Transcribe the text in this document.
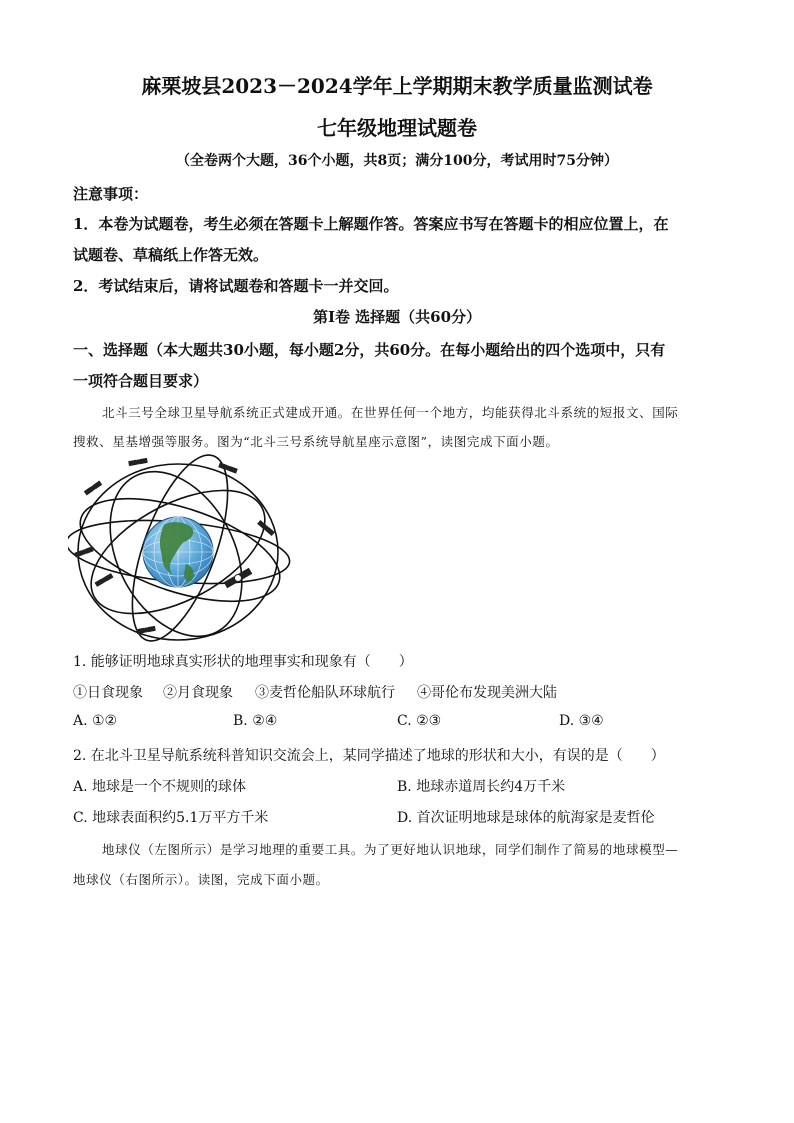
麻栗坡县2023－2024学年上学期期末教学质量监测试卷
七年级地理试题卷
（全卷两个大题，36个小题，共8页；满分100分，考试用时75分钟）
注意事项：
1．本卷为试题卷，考生必须在答题卡上解题作答。答案应书写在答题卡的相应位置上，在
试题卷、草稿纸上作答无效。
2．考试结束后，请将试题卷和答题卡一并交回。
第Ⅰ卷 选择题（共60分）
一、选择题（本大题共30小题，每小题2分，共60分。在每小题给出的四个选项中，只有
一项符合题目要求）
北斗三号全球卫星导航系统正式建成开通。在世界任何一个地方，均能获得北斗系统的短报文、国际
搜救、星基增强等服务。图为“北斗三号系统导航星座示意图”，读图完成下面小题。
1. 能够证明地球真实形状的地理事实和现象有（　　）
①日食现象 ②月食现象 ③麦哲伦船队环球航行 ④哥伦布发现美洲大陆
A. ①②	B. ②④	C. ②③	D. ③④
2. 在北斗卫星导航系统科普知识交流会上，某同学描述了地球的形状和大小，有误的是（　　）
A. 地球是一个不规则的球体	B. 地球赤道周长约4万千米
C. 地球表面积约5.1万平方千米	D. 首次证明地球是球体的航海家是麦哲伦
地球仪（左图所示）是学习地理的重要工具。为了更好地认识地球，同学们制作了简易的地球模型—
地球仪（右图所示）。读图，完成下面小题。
